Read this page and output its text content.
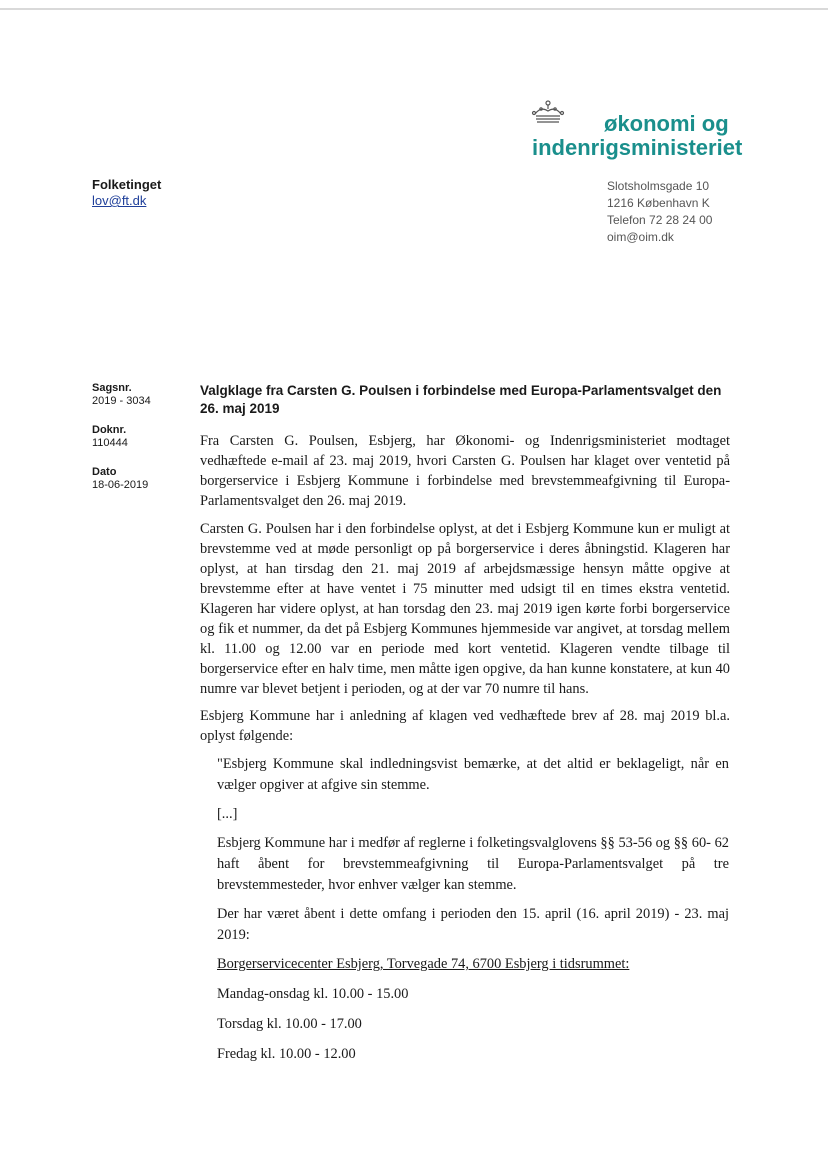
økonomi og
indenrigsministeriet
Folketinget
lov@ft.dk
Slotsholmsgade 10
1216 København K
Telefon 72 28 24 00
oim@oim.dk
Sagsnr.
2019 - 3034
Doknr.
110444
Dato
18-06-2019
Valgklage fra Carsten G. Poulsen i forbindelse med Europa-Parlamentsvalget den 26. maj 2019
Fra Carsten G. Poulsen, Esbjerg, har Økonomi- og Indenrigsministeriet modtaget vedhæftede e-mail af 23. maj 2019, hvori Carsten G. Poulsen har klaget over ventetid på borgerservice i Esbjerg Kommune i forbindelse med brevstemmeafgivning til Europa-Parlamentsvalget den 26. maj 2019.
Carsten G. Poulsen har i den forbindelse oplyst, at det i Esbjerg Kommune kun er muligt at brevstemme ved at møde personligt op på borgerservice i deres åbningstid. Klageren har oplyst, at han tirsdag den 21. maj 2019 af arbejdsmæssige hensyn måtte opgive at brevstemme efter at have ventet i 75 minutter med udsigt til en times ekstra ventetid. Klageren har videre oplyst, at han torsdag den 23. maj 2019 igen kørte forbi borgerservice og fik et nummer, da det på Esbjerg Kommunes hjemmeside var angivet, at torsdag mellem kl. 11.00 og 12.00 var en periode med kort ventetid. Klageren vendte tilbage til borgerservice efter en halv time, men måtte igen opgive, da han kunne konstatere, at kun 40 numre var blevet betjent i perioden, og at der var 70 numre til hans.
Esbjerg Kommune har i anledning af klagen ved vedhæftede brev af 28. maj 2019 bl.a. oplyst følgende:
"Esbjerg Kommune skal indledningsvist bemærke, at det altid er beklageligt, når en vælger opgiver at afgive sin stemme.
[...]
Esbjerg Kommune har i medfør af reglerne i folketingsvalglovens §§ 53-56 og §§ 60- 62 haft åbent for brevstemmeafgivning til Europa-Parlamentsvalget på tre brevstemmesteder, hvor enhver vælger kan stemme.
Der har været åbent i dette omfang i perioden den 15. april (16. april 2019) - 23. maj 2019:
Borgerservicecenter Esbjerg, Torvegade 74, 6700 Esbjerg i tidsrummet:
Mandag-onsdag kl. 10.00 - 15.00
Torsdag kl. 10.00 - 17.00
Fredag kl. 10.00 - 12.00
